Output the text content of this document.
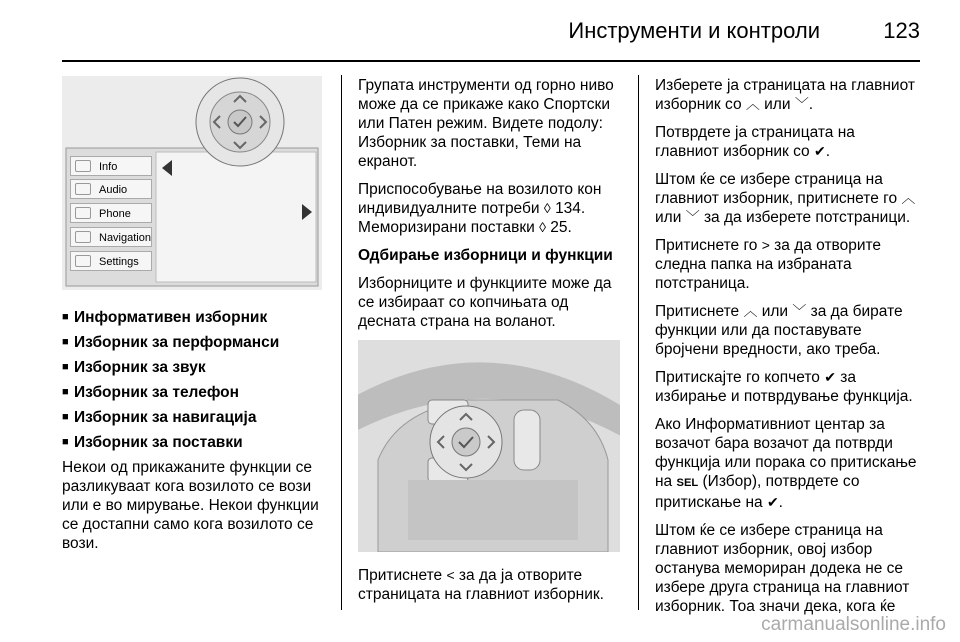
Инструменти и контроли	123
Info
Audio
Phone
Navigation
Settings
■ Информативен изборник
■ Изборник за перформанси
■ Изборник за звук
■ Изборник за телефон
■ Изборник за навигација
■ Изборник за поставки

Некои од прикажаните функции се разликуваат кога возилото се вози или е во мирување. Некои функции се достапни само кога возилото се вози.

Групата инструменти од горно ниво може да се прикаже како Спортски или Патен режим. Видете подолу: Изборник за поставки, Теми на екранот.

Приспособување на возилото кон индивидуалните потреби ◊ 134. Меморизирани поставки ◊ 25.

Одбирање изборници и функции

Изборниците и функциите може да се избираат со копчињата од десната страна на воланот.

Притиснете < за да ја отворите страницата на главниот изборник.

Изберете ја страницата на главниот изборник со ︿ или ﹀.

Потврдете ја страницата на главниот изборник со ✔.

Штом ќе се избере страница на главниот изборник, притиснете го ︿ или ﹀ за да изберете потстраници.

Притиснете го > за да отворите следна папка на избраната потстраница.

Притиснете ︿ или ﹀ за да бирате функции или да поставувате бројчени вредности, ако треба.

Притискајте го копчето ✔ за избирање и потврдување функција.

Ако Информативниот центар за возачот бара возачот да потврди функција или порака со притискање на SEL (Избор), потврдете со притискање на ✔.

Штом ќе се избере страница на главниот изборник, овој избор останува мемориран додека не се избере друга страница на главниот изборник. Тоа значи дека, кога ќе

carmanualsonline.info
